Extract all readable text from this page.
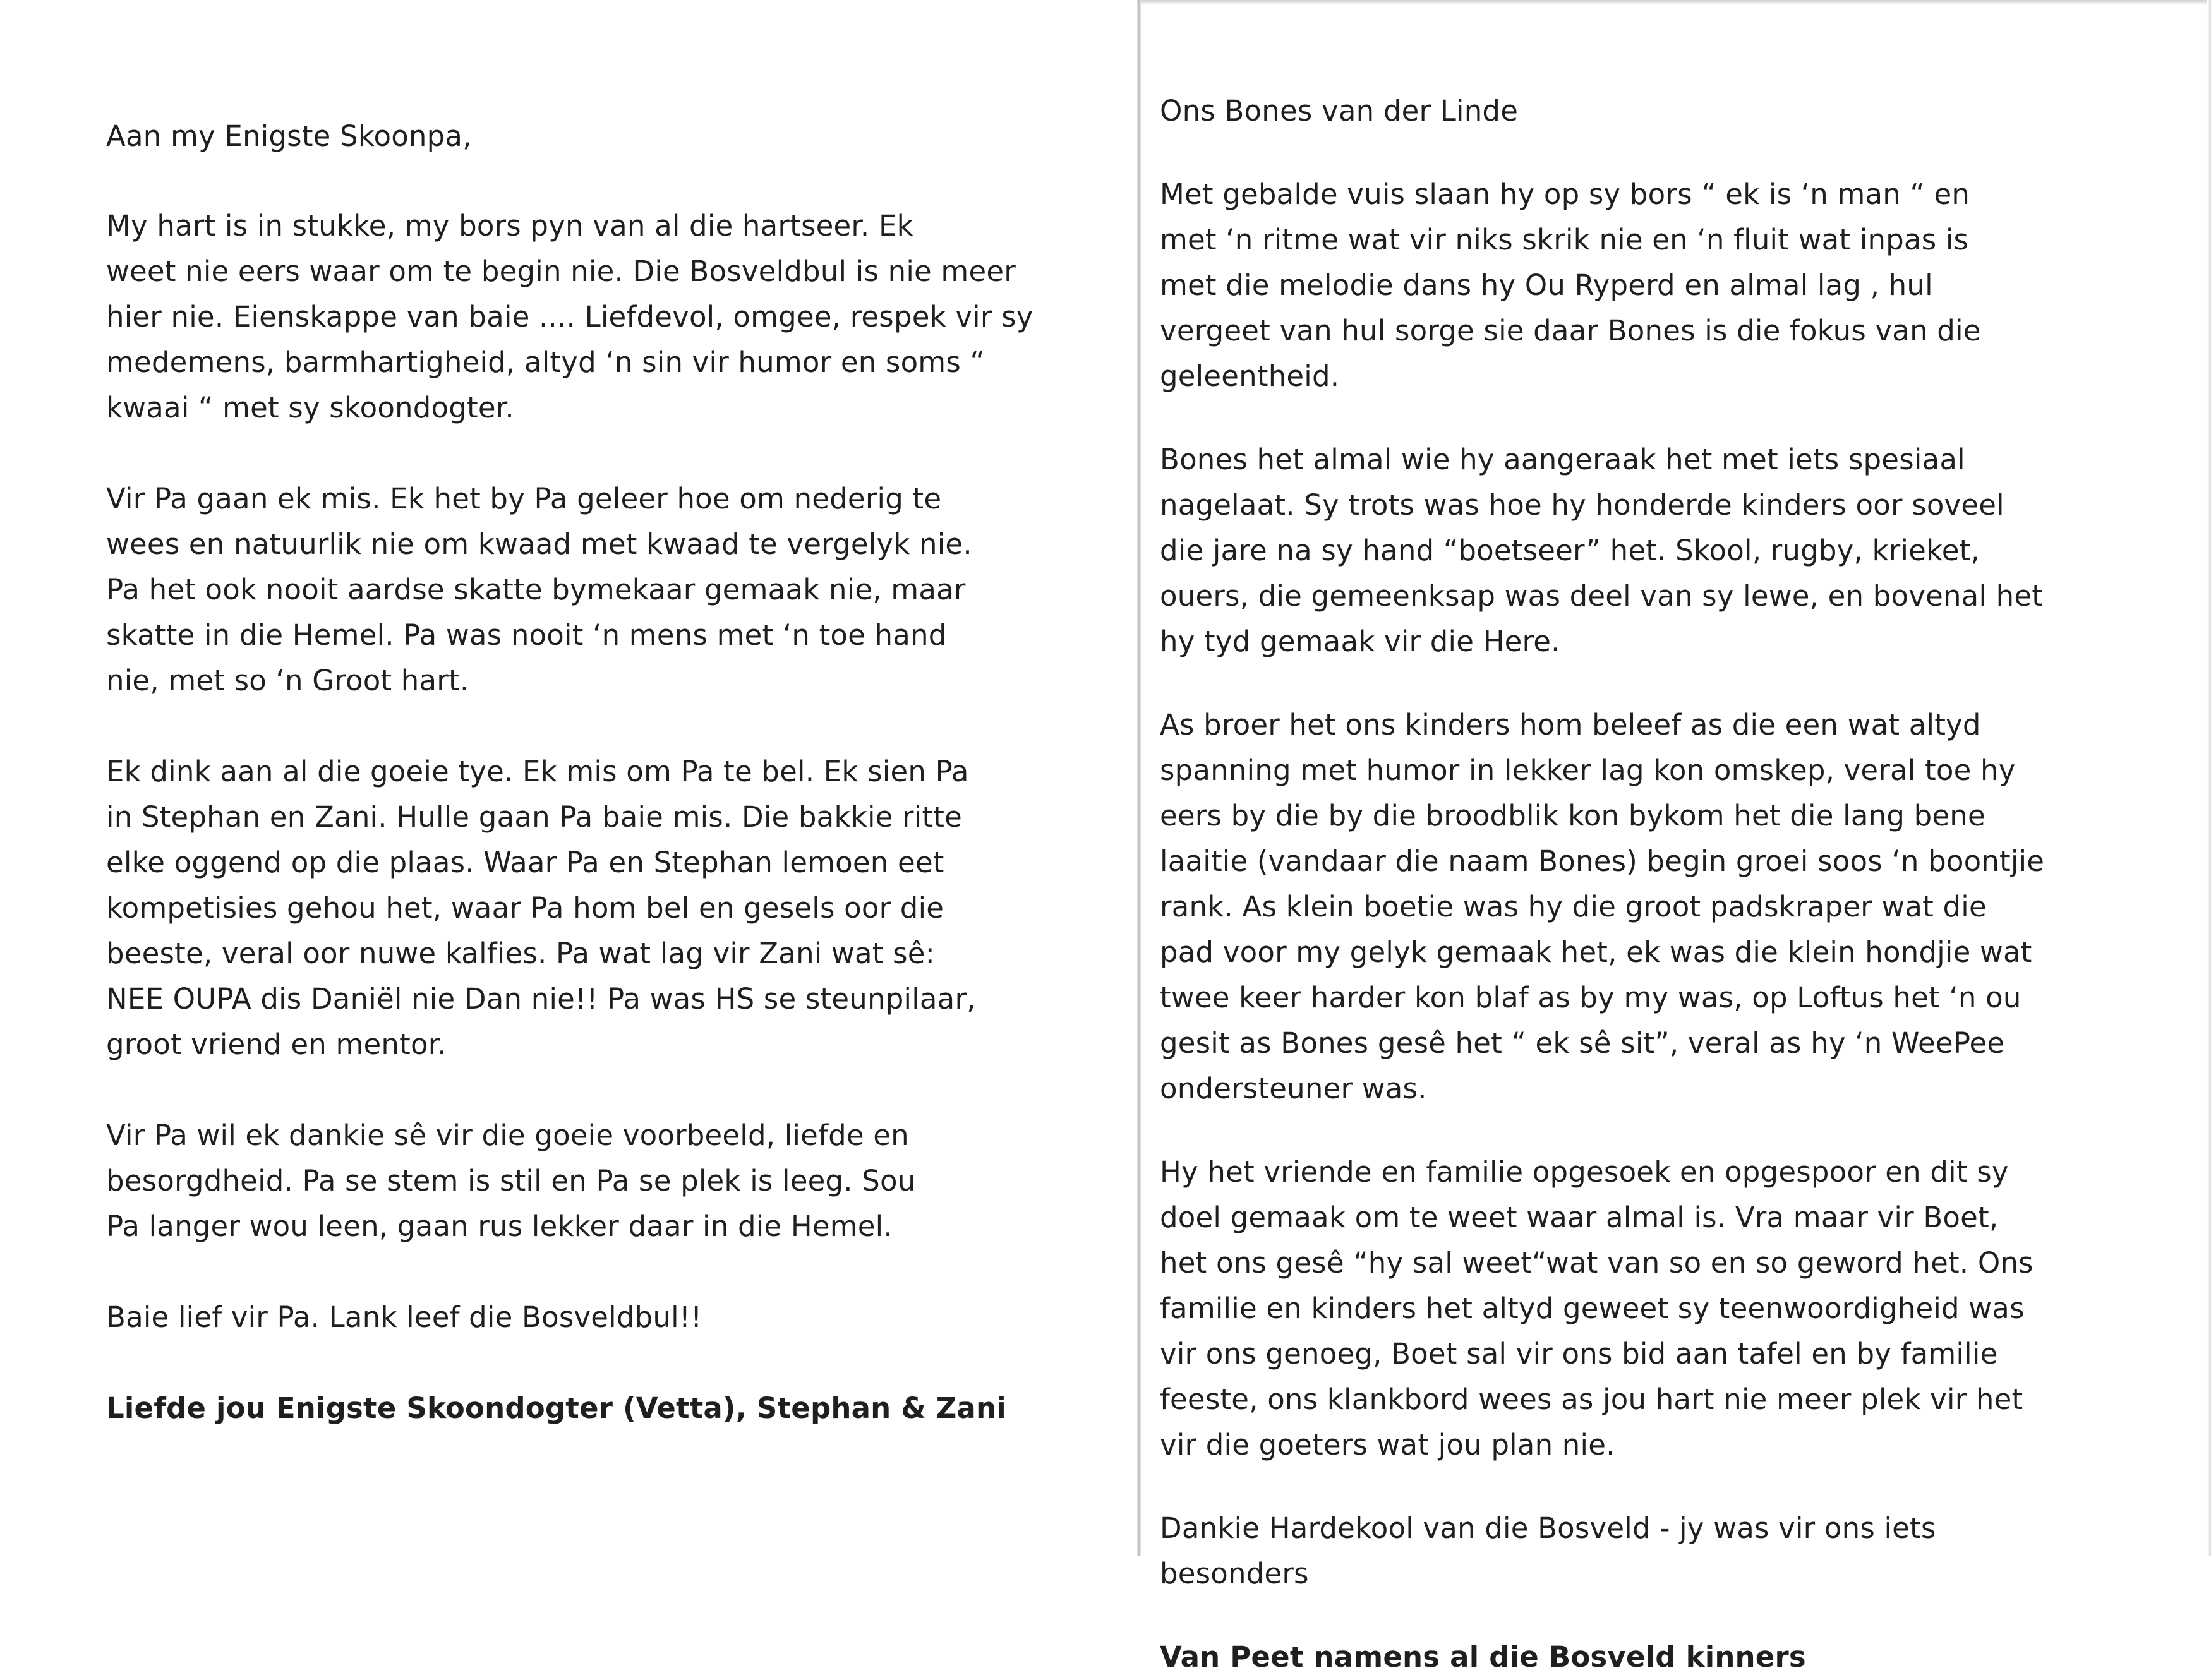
Aan my Enigste Skoonpa,

My hart is in stukke, my bors pyn van al die hartseer. Ek
weet nie eers waar om te begin nie. Die Bosveldbul is nie meer
hier nie. Eienskappe van baie .... Liefdevol, omgee, respek vir sy
medemens, barmhartigheid, altyd ‘n sin vir humor en soms “
kwaai “ met sy skoondogter.

Vir Pa gaan ek mis. Ek het by Pa geleer hoe om nederig te
wees en natuurlik nie om kwaad met kwaad te vergelyk nie.
Pa het ook nooit aardse skatte bymekaar gemaak nie, maar
skatte in die Hemel. Pa was nooit ‘n mens met ‘n toe hand
nie, met so ‘n Groot hart.

Ek dink aan al die goeie tye. Ek mis om Pa te bel. Ek sien Pa
in Stephan en Zani. Hulle gaan Pa baie mis. Die bakkie ritte
elke oggend op die plaas. Waar Pa en Stephan lemoen eet
kompetisies gehou het, waar Pa hom bel en gesels oor die
beeste, veral oor nuwe kalfies. Pa wat lag vir Zani wat sê:
NEE OUPA dis Daniël nie Dan nie!! Pa was HS se steunpilaar,
groot vriend en mentor.

Vir Pa wil ek dankie sê vir die goeie voorbeeld, liefde en
besorgdheid. Pa se stem is stil en Pa se plek is leeg. Sou
Pa langer wou leen, gaan rus lekker daar in die Hemel.

Baie lief vir Pa. Lank leef die Bosveldbul!!

Liefde jou Enigste Skoondogter (Vetta), Stephan & Zani

Ons Bones van der Linde

Met gebalde vuis slaan hy op sy bors “ ek is ‘n man “ en
met ‘n ritme wat vir niks skrik nie en ‘n fluit wat inpas is
met die melodie dans hy Ou Ryperd en almal lag , hul
vergeet van hul sorge sie daar Bones is die fokus van die
geleentheid.

Bones het almal wie hy aangeraak het met iets spesiaal
nagelaat. Sy trots was hoe hy honderde kinders oor soveel
die jare na sy hand “boetseer” het. Skool, rugby, krieket,
ouers, die gemeenksap was deel van sy lewe, en bovenal het
hy tyd gemaak vir die Here.

As broer het ons kinders hom beleef as die een wat altyd
spanning met humor in lekker lag kon omskep, veral toe hy
eers by die by die broodblik kon bykom het die lang bene
laaitie (vandaar die naam Bones) begin groei soos ‘n boontjie
rank. As klein boetie was hy die groot padskraper wat die
pad voor my gelyk gemaak het, ek was die klein hondjie wat
twee keer harder kon blaf as by my was, op Loftus het ‘n ou
gesit as Bones gesê het “ ek sê sit”, veral as hy ‘n WeePee
ondersteuner was.

Hy het vriende en familie opgesoek en opgespoor en dit sy
doel gemaak om te weet waar almal is. Vra maar vir Boet,
het ons gesê “hy sal weet“wat van so en so geword het. Ons
familie en kinders het altyd geweet sy teenwoordigheid was
vir ons genoeg, Boet sal vir ons bid aan tafel en by familie
feeste, ons klankbord wees as jou hart nie meer plek vir het
vir die goeters wat jou plan nie.

Dankie Hardekool van die Bosveld - jy was vir ons iets
besonders

Van Peet namens al die Bosveld kinners
